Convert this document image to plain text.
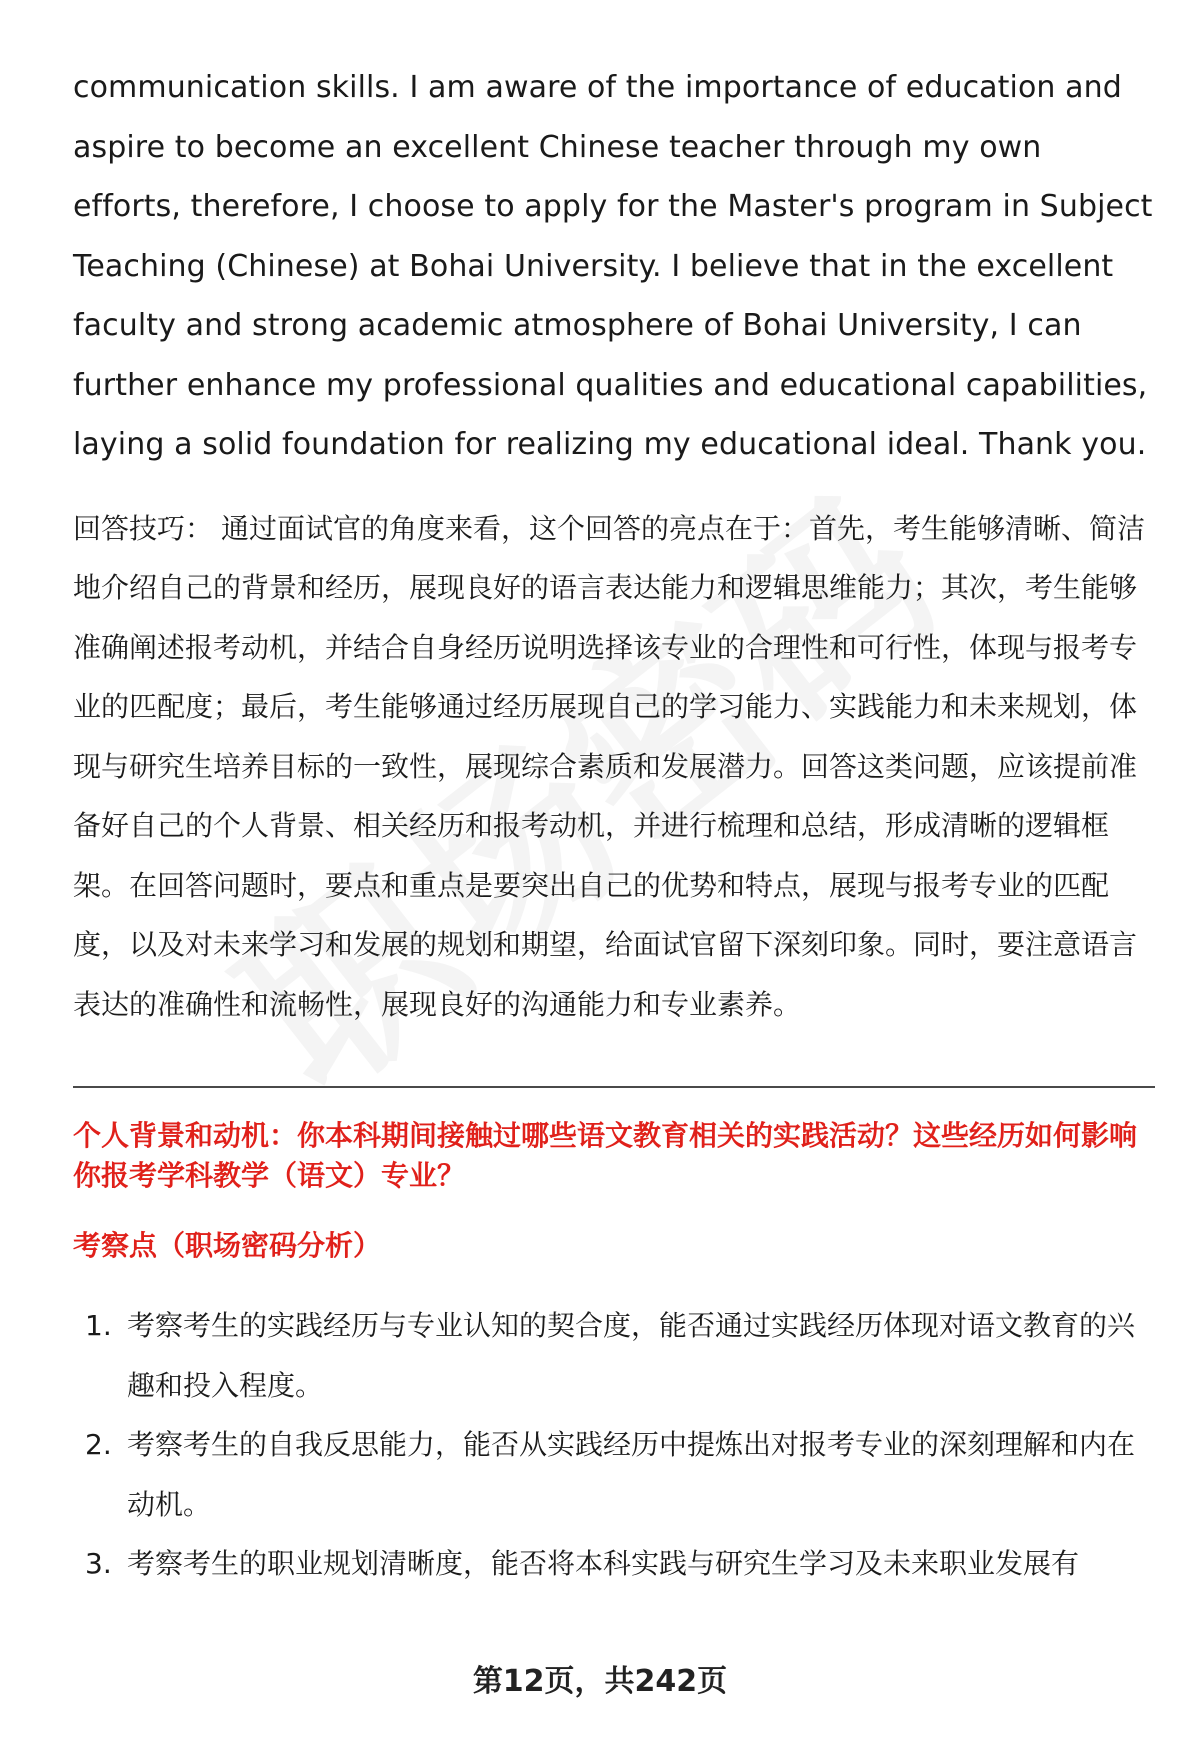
communication skills. I am aware of the importance of education and aspire to become an excellent Chinese teacher through my own efforts, therefore, I choose to apply for the Master's program in Subject Teaching (Chinese) at Bohai University. I believe that in the excellent faculty and strong academic atmosphere of Bohai University, I can further enhance my professional qualities and educational capabilities, laying a solid foundation for realizing my educational ideal. Thank you.

回答技巧： 通过面试官的角度来看，这个回答的亮点在于：首先，考生能够清晰、简洁地介绍自己的背景和经历，展现良好的语言表达能力和逻辑思维能力；其次，考生能够准确阐述报考动机，并结合自身经历说明选择该专业的合理性和可行性，体现与报考专业的匹配度；最后，考生能够通过经历展现自己的学习能力、实践能力和未来规划，体现与研究生培养目标的一致性，展现综合素质和发展潜力。回答这类问题，应该提前准备好自己的个人背景、相关经历和报考动机，并进行梳理和总结，形成清晰的逻辑框架。在回答问题时，要点和重点是要突出自己的优势和特点，展现与报考专业的匹配度，以及对未来学习和发展的规划和期望，给面试官留下深刻印象。同时，要注意语言表达的准确性和流畅性，展现良好的沟通能力和专业素养。

个人背景和动机：你本科期间接触过哪些语文教育相关的实践活动？这些经历如何影响你报考学科教学（语文）专业？

考察点（职场密码分析）

1. 考察考生的实践经历与专业认知的契合度，能否通过实践经历体现对语文教育的兴趣和投入程度。
2. 考察考生的自我反思能力，能否从实践经历中提炼出对报考专业的深刻理解和内在动机。
3. 考察考生的职业规划清晰度，能否将本科实践与研究生学习及未来职业发展有
第12页，共242页
